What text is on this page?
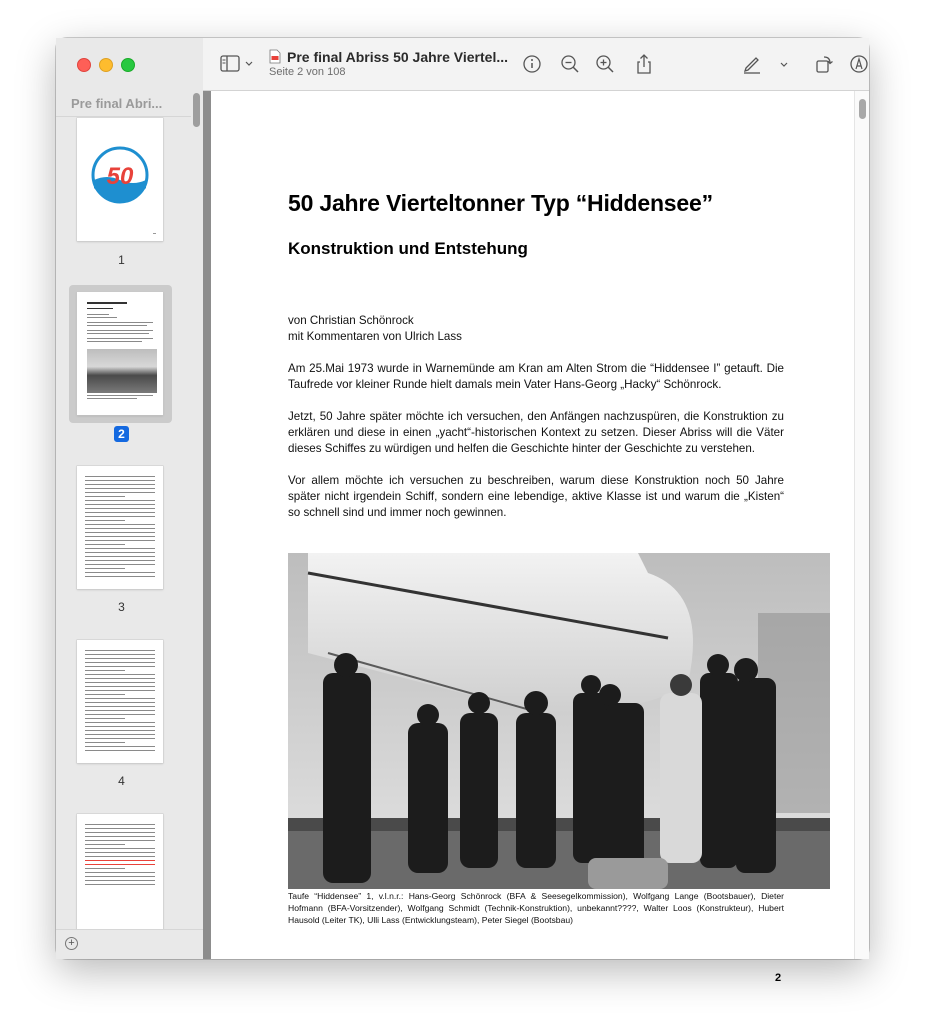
Pre final Abri...
50
1
2
3
4
+
Pre final Abriss 50 Jahre Viertel...
Seite 2 von 108
50 Jahre Vierteltonner Typ “Hiddensee”
Konstruktion und Entstehung
von Christian Schönrock
mit Kommentaren von Ulrich Lass
Am 25.Mai 1973 wurde in Warnemünde am Kran am Alten Strom die “Hiddensee I” getauft. Die Taufrede vor kleiner Runde hielt damals mein Vater Hans-Georg „Hacky“ Schönrock.
Jetzt, 50 Jahre später möchte ich versuchen, den Anfängen nachzuspüren, die Konstruktion zu erklären und diese in einen „yacht“-historischen Kontext zu setzen. Dieser Abriss will die Väter dieses Schiffes zu würdigen und helfen die Geschichte hinter der Geschichte zu verstehen.
Vor allem möchte ich versuchen zu beschreiben, warum diese Konstruktion noch 50 Jahre später nicht irgendein Schiff, sondern eine lebendige, aktive Klasse ist und warum die „Kisten“ so schnell sind und immer noch gewinnen.
Taufe “Hiddensee” 1, v.l.n.r.: Hans-Georg Schönrock (BFA & Seesegelkommission), Wolfgang Lange (Bootsbauer), Dieter Hofmann (BFA-Vorsitzender), Wolfgang Schmidt (Technik-Konstruktion), unbekannt????, Walter Loos (Konstrukteur), Hubert Hausold (Leiter TK), Ulli Lass (Entwicklungsteam), Peter Siegel (Bootsbau)
2
